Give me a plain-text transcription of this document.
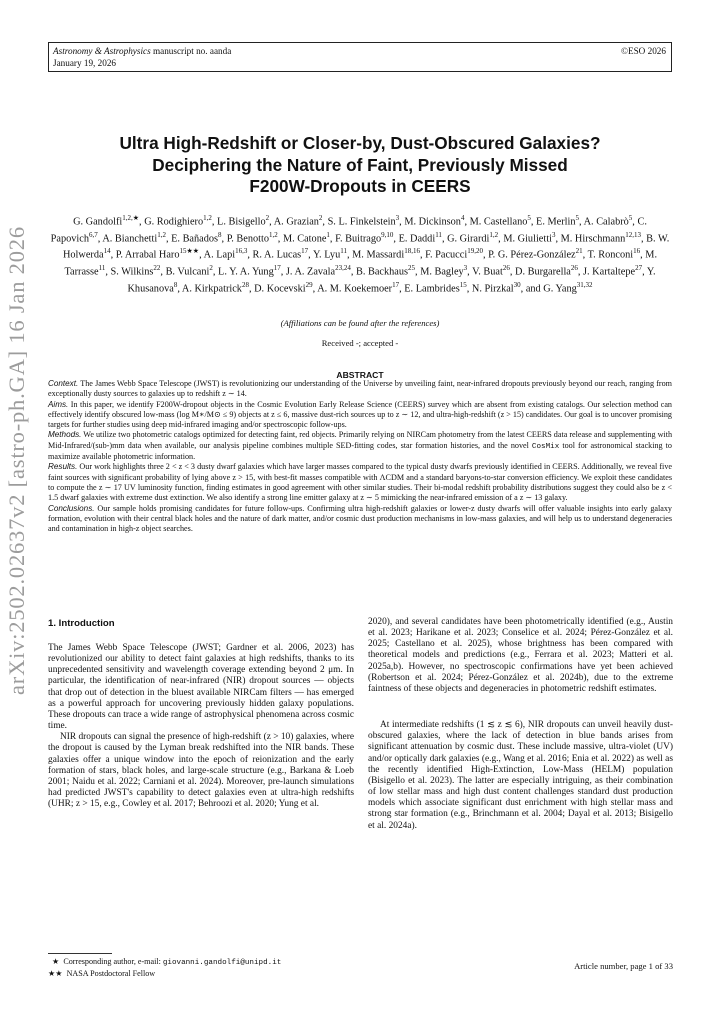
Astronomy & Astrophysics manuscript no. aanda
January 19, 2026
©ESO 2026
arXiv:2502.02637v2 [astro-ph.GA] 16 Jan 2026
Ultra High-Redshift or Closer-by, Dust-Obscured Galaxies?
Deciphering the Nature of Faint, Previously Missed
F200W-Dropouts in CEERS
G. Gandolfi$^{1,2,★}$, G. Rodighiero$^{1,2}$, L. Bisigello$^2$, A. Grazian$^2$, S. L. Finkelstein$^3$, M. Dickinson$^4$, M. Castellano$^5$, E. Merlin$^5$, A. Calabrò$^5$, C. Papovich$^{6,7}$, A. Bianchetti$^{1,2}$, E. Bañados$^8$, P. Benotto$^{1,2}$, M. Catone$^1$, F. Buitrago$^{9,10}$, E. Daddi$^{11}$, G. Girardi$^{1,2}$, M. Giulietti$^3$, M. Hirschmann$^{12,13}$, B. W. Holwerda$^{14}$, P. Arrabal Haro$^{15★★}$, A. Lapi$^{16,3}$, R. A. Lucas$^{17}$, Y. Lyu$^{11}$, M. Massardi$^{18,16}$, F. Pacucci$^{19,20}$, P. G. Pérez-González$^{21}$, T. Ronconi$^{16}$, M. Tarrasse$^{11}$, S. Wilkins$^{22}$, B. Vulcani$^2$, L. Y. A. Yung$^{17}$, J. A. Zavala$^{23,24}$, B. Backhaus$^{25}$, M. Bagley$^3$, V. Buat$^{26}$, D. Burgarella$^{26}$, J. Kartaltepe$^{27}$, Y. Khusanova$^8$, A. Kirkpatrick$^{28}$, D. Kocevski$^{29}$, A. M. Koekemoer$^{17}$, E. Lambrides$^{15}$, N. Pirzkal$^{30}$, and G. Yang$^{31,32}$
(Affiliations can be found after the references)
Received -; accepted -
ABSTRACT

Context. The James Webb Space Telescope (JWST) is revolutionizing our understanding of the Universe by unveiling faint, near-infrared dropouts previously beyond our reach, ranging from exceptionally dusty sources to galaxies up to redshift z ∼ 14.

Aims. In this paper, we identify F200W-dropout objects in the Cosmic Evolution Early Release Science (CEERS) survey which are absent from existing catalogs. Our selection method can effectively identify obscured low-mass (log M∗/M⊙ ≤ 9) objects at z ≤ 6, massive dust-rich sources up to z ∼ 12, and ultra-high-redshift (z > 15) candidates. Our goal is to uncover promising targets for further studies using deep mid-infrared imaging and/or spectroscopic follow-ups.

Methods. We utilize two photometric catalogs optimized for detecting faint, red objects. Primarily relying on NIRCam photometry from the latest CEERS data release and supplementing with Mid-Infrared/(sub-)mm data when available, our analysis pipeline combines multiple SED-fitting codes, star formation histories, and the novel CosMix tool for astronomical stacking to maximize available photometric information.

Results. Our work highlights three 2 < z < 3 dusty dwarf galaxies which have larger masses compared to the typical dusty dwarfs previously identified in CEERS. Additionally, we reveal five faint sources with significant probability of lying above z > 15, with best-fit masses compatible with ΛCDM and a standard baryons-to-star conversion efficiency. We exploit these candidates to compute the z ∼ 17 UV luminosity function, finding estimates in good agreement with other similar studies. Their bi-modal redshift probability distributions suggest they could also be z < 1.5 dwarf galaxies with extreme dust extinction. We also identify a strong line emitter galaxy at z ∼ 5 mimicking the near-infrared emission of a z ∼ 13 galaxy.

Conclusions. Our sample holds promising candidates for future follow-ups. Confirming ultra high-redshift galaxies or lower-z dusty dwarfs will offer valuable insights into early galaxy formation, evolution with their central black holes and the nature of dark matter, and/or cosmic dust production mechanisms in low-mass galaxies, and will help us to understand degeneracies and contamination in high-z object searches.

1. Introduction

The James Webb Space Telescope (JWST; Gardner et al. 2006, 2023) has revolutionized our ability to detect faint galaxies at high redshifts, thanks to its unprecedented sensitivity and wavelength coverage extending beyond 2 μm. In particular, the identification of near-infrared (NIR) dropout sources — objects that drop out of detection in the bluest available NIRCam filters — has emerged as a powerful approach for uncovering previously hidden galaxy populations. These dropouts can trace a wide range of astrophysical phenomena across cosmic time.

NIR dropouts can signal the presence of high-redshift (z > 10) galaxies, where the dropout is caused by the Lyman break redshifted into the NIR bands. These galaxies offer a unique window into the epoch of reionization and the early formation of stars, black holes, and large-scale structure (e.g., Barkana & Loeb 2001; Naidu et al. 2022; Carniani et al. 2024). Moreover, pre-launch simulations had predicted JWST's capability to detect galaxies even at ultra-high redshifts (UHR; z > 15, e.g., Cowley et al. 2017; Behroozi et al. 2020; Yung et al.

2020), and several candidates have been photometrically identified (e.g., Austin et al. 2023; Harikane et al. 2023; Conselice et al. 2024; Pérez-González et al. 2025; Castellano et al. 2025), whose brightness has been compared with theoretical models and predictions (e.g., Ferrara et al. 2023; Matteri et al. 2025a,b). However, no spectroscopic confirmations have yet been achieved (Robertson et al. 2024; Pérez-González et al. 2024b), due to the extreme faintness of these objects and degeneracies in photometric redshift estimates.

At intermediate redshifts (1 ≲ z ≲ 6), NIR dropouts can unveil heavily dust-obscured galaxies, where the lack of detection in blue bands arises from significant attenuation by cosmic dust. These include massive, ultra-violet (UV) and/or optically dark galaxies (e.g., Wang et al. 2016; Enia et al. 2022) as well as the recently identified High-Extinction, Low-Mass (HELM) population (Bisigello et al. 2023). The latter are especially intriguing, as their combination of low stellar mass and high dust content challenges standard dust production models which associate significant dust enrichment with high stellar mass and strong star formation (e.g., Brinchmann et al. 2004; Dayal et al. 2013; Bisigello et al. 2024a).

★ Corresponding author, e-mail: giovanni.gandolfi@unipd.it
★★ NASA Postdoctoral Fellow
Article number, page 1 of 33
